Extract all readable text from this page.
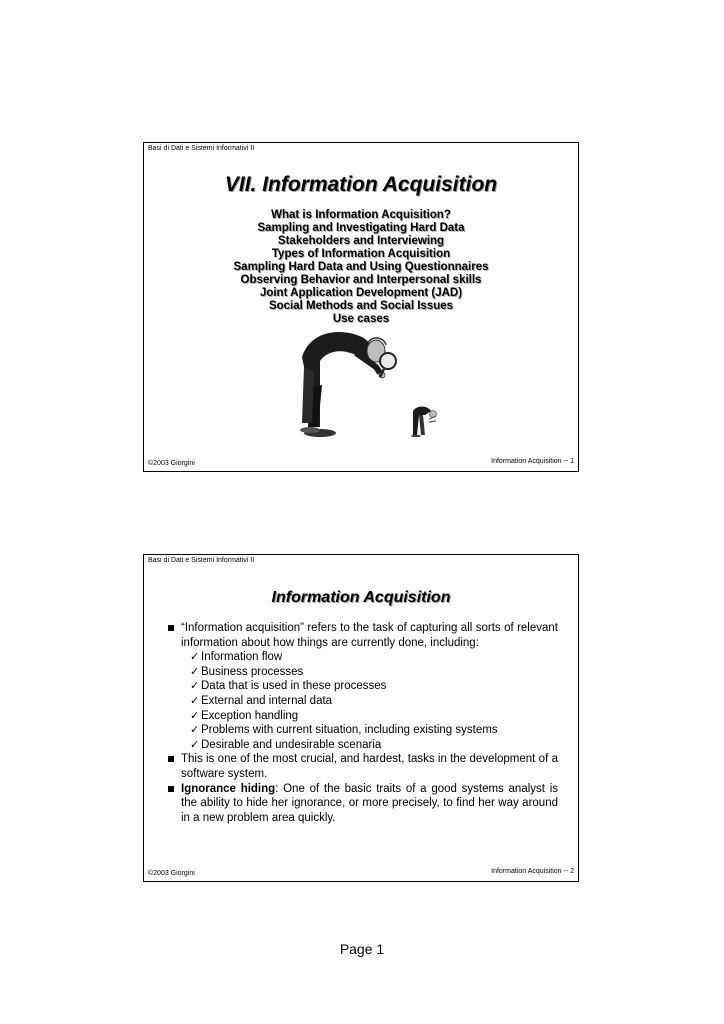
Basi di Dati e Sistemi Informativi II
VII. Information Acquisition
What is Information Acquisition?
Sampling and Investigating Hard Data
Stakeholders and Interviewing
Types of Information Acquisition
Sampling Hard Data and Using Questionnaires
Observing Behavior and Interpersonal skills
Joint Application Development (JAD)
Social Methods and Social Issues
Use cases
©2003 Giorgini	Information Acquisition -- 1
Basi di Dati e Sistemi Informativi II
Information Acquisition
“Information acquisition” refers to the task of capturing all sorts of relevant information about how things are currently done, including:
✓ Information flow
✓ Business processes
✓ Data that is used in these processes
✓ External and internal data
✓ Exception handling
✓ Problems with current situation, including existing systems
✓ Desirable and undesirable scenaria
This is one of the most crucial, and hardest, tasks in the development of a software system.
Ignorance hiding: One of the basic traits of a good systems analyst is the ability to hide her ignorance, or more precisely, to find her way around in a new problem area quickly.
©2003 Giorgini	Information Acquisition -- 2
Page 1
